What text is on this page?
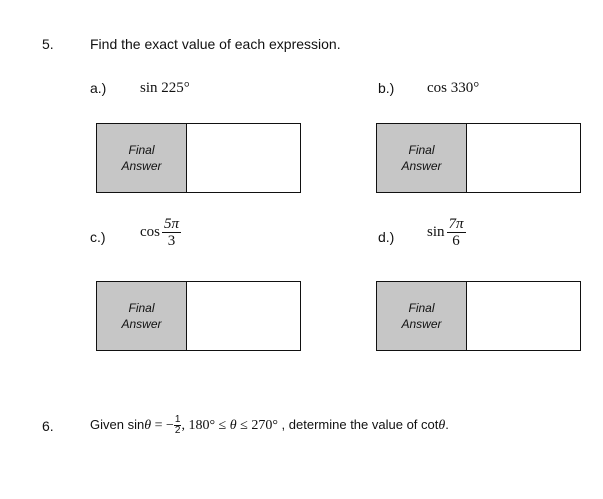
5.	Find the exact value of each expression.
a.) sin 225°	b.) cos 330°
Final
Answer
Final
Answer
c.) $\cos \frac{5\pi}{3}$	d.) $\sin \frac{7\pi}{6}$
Final
Answer
Final
Answer
6.	Given sinθ = − $\frac{1}{2}$ , 180° ≤ θ ≤ 270° , determine the value of cotθ.
